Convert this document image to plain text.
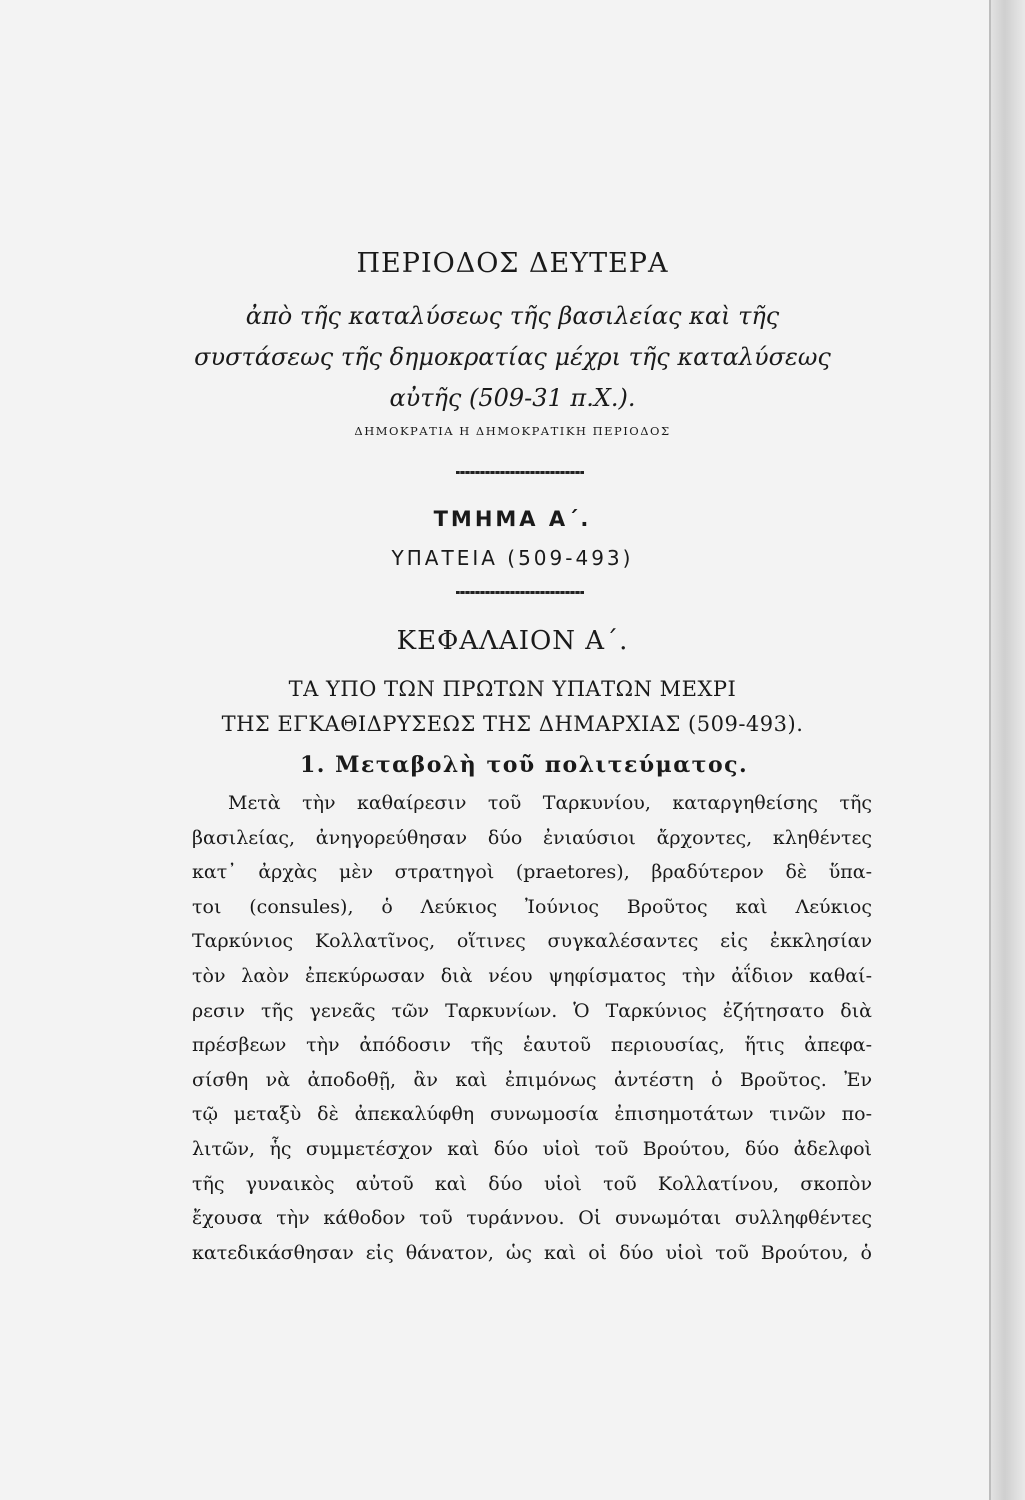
ΠΕΡΙΟΔΟΣ ΔΕΥΤΕΡΑ
ἀπὸ τῆς καταλύσεως τῆς βασιλείας καὶ τῆς
συστάσεως τῆς δημοκρατίας μέχρι τῆς καταλύσεως
αὐτῆς (509-31 π.Χ.).
ΔΗΜΟΚΡΑΤΙΑ Η ΔΗΜΟΚΡΑΤΙΚΗ ΠΕΡΙΟΔΟΣ
ΤΜΗΜΑ Α΄.
ΥΠΑΤΕΙΑ (509-493)
ΚΕΦΑΛΑΙΟΝ Α΄.
ΤΑ ΥΠΟ ΤΩΝ ΠΡΩΤΩΝ ΥΠΑΤΩΝ ΜΕΧΡΙ
ΤΗΣ ΕΓΚΑΘΙΔΡΥΣΕΩΣ ΤΗΣ ΔΗΜΑΡΧΙΑΣ (509-493).
1. Μεταβολὴ τοῦ πολιτεύματος.
Μετὰ τὴν καθαίρεσιν τοῦ Ταρκυνίου, καταργηθείσης τῆς
βασιλείας, ἀνηγορεύθησαν δύο ἐνιαύσιοι ἄρχοντες, κληθέντες
κατ᾽ ἀρχὰς μὲν στρατηγοὶ (praetores), βραδύτερον δὲ ὕπα-
τοι (consules), ὁ Λεύκιος Ἰούνιος Βροῦτος καὶ Λεύκιος
Ταρκύνιος Κολλατῖνος, οἵτινες συγκαλέσαντες εἰς ἐκκλησίαν
τὸν λαὸν ἐπεκύρωσαν διὰ νέου ψηφίσματος τὴν ἀΐδιον καθαί-
ρεσιν τῆς γενεᾶς τῶν Ταρκυνίων. Ὁ Ταρκύνιος ἐζήτησατο διὰ
πρέσβεων τὴν ἀπόδοσιν τῆς ἑαυτοῦ περιουσίας, ἥτις ἀπεφα-
σίσθη νὰ ἀποδοθῇ, ἂν καὶ ἐπιμόνως ἀντέστη ὁ Βροῦτος. Ἐν
τῷ μεταξὺ δὲ ἀπεκαλύφθη συνωμοσία ἐπισημοτάτων τινῶν πο-
λιτῶν, ἧς συμμετέσχον καὶ δύο υἱοὶ τοῦ Βρούτου, δύο ἀδελφοὶ
τῆς γυναικὸς αὐτοῦ καὶ δύο υἱοὶ τοῦ Κολλατίνου, σκοπὸν
ἔχουσα τὴν κάθοδον τοῦ τυράννου. Οἱ συνωμόται συλληφθέντες
κατεδικάσθησαν εἰς θάνατον, ὡς καὶ οἱ δύο υἱοὶ τοῦ Βρούτου, ὁ
